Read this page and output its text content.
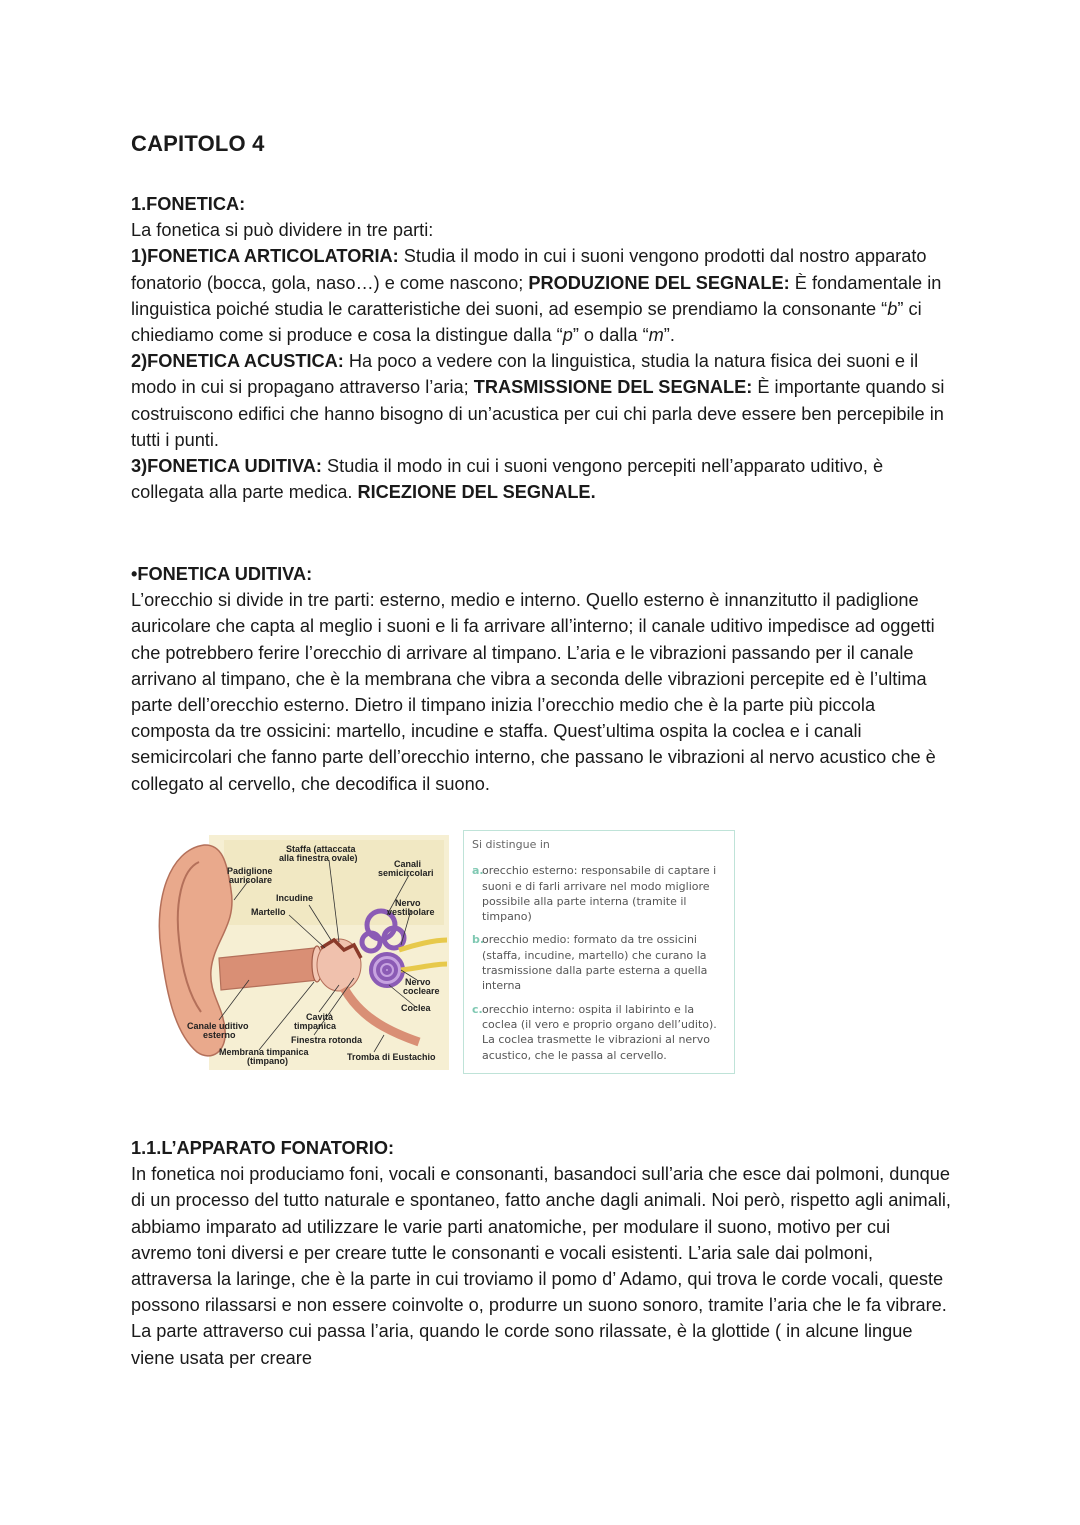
CAPITOLO 4

1.FONETICA:

La fonetica si può dividere in tre parti:

1)FONETICA ARTICOLATORIA: Studia il modo in cui i suoni vengono prodotti dal nostro apparato fonatorio (bocca, gola, naso…) e come nascono; PRODUZIONE DEL SEGNALE: È fondamentale in linguistica poiché studia le caratteristiche dei suoni, ad esempio se prendiamo la consonante “b” ci chiediamo come si produce e cosa la distingue dalla “p” o dalla “m”.

2)FONETICA ACUSTICA: Ha poco a vedere con la linguistica, studia la natura fisica dei suoni e il modo in cui si propagano attraverso l’aria; TRASMISSIONE DEL SEGNALE: È importante quando si costruiscono edifici che hanno bisogno di un’acustica per cui chi parla deve essere ben percepibile in tutti i punti.

3)FONETICA UDITIVA: Studia il modo in cui i suoni vengono percepiti nell’apparato uditivo, è collegata alla parte medica. RICEZIONE DEL SEGNALE.

•FONETICA UDITIVA:

L’orecchio si divide in tre parti: esterno, medio e interno. Quello esterno è innanzitutto il padiglione auricolare che capta al meglio i suoni e li fa arrivare all’interno; il canale uditivo impedisce ad oggetti che potrebbero ferire l’orecchio di arrivare al timpano. L’aria e le vibrazioni passando per il canale arrivano al timpano, che è la membrana che vibra a seconda delle vibrazioni percepite ed è l’ultima parte dell’orecchio esterno. Dietro il timpano inizia l’orecchio medio che è la parte più piccola composta da tre ossicini: martello, incudine e staffa. Quest’ultima ospita la coclea e i canali semicircolari che fanno parte dell’orecchio interno, che passano le vibrazioni al nervo acustico che è collegato al cervello, che decodifica il suono.

Staffa (attaccata
alla finestra ovale)
Canali
semicircolari
Padiglione
auricolare
Incudine
Martello
Nervo
vestibolare
Nervo
cocleare
Coclea
Cavità
timpanica
Canale uditivo
esterno	Finestra rotonda
Membrana timpanica
(timpano)	Tromba di Eustachio
Si distingue in
a.
orecchio esterno: responsabile di captare i suoni e di farli arrivare nel modo migliore possibile alla parte interna (tramite il timpano)
b.
orecchio medio: formato da tre ossicini (staffa, incudine, martello) che curano la trasmissione dalla parte esterna a quella interna
c. orecchio interno: ospita il labirinto e la coclea (il vero e proprio organo dell’udito). La coclea trasmette le vibrazioni al nervo acustico, che le passa al cervello.

1.1.L’APPARATO FONATORIO:

In fonetica noi produciamo foni, vocali e consonanti, basandoci sull’aria che esce dai polmoni, dunque di un processo del tutto naturale e spontaneo, fatto anche dagli animali. Noi però, rispetto agli animali, abbiamo imparato ad utilizzare le varie parti anatomiche, per modulare il suono, motivo per cui avremo toni diversi e per creare tutte le consonanti e vocali esistenti. L’aria sale dai polmoni, attraversa la laringe, che è la parte in cui troviamo il pomo d’ Adamo, qui trova le corde vocali, queste possono rilassarsi e non essere coinvolte o, produrre un suono sonoro, tramite l’aria che le fa vibrare. La parte attraverso cui passa l’aria, quando le corde sono rilassate, è la glottide ( in alcune lingue viene usata per creare
